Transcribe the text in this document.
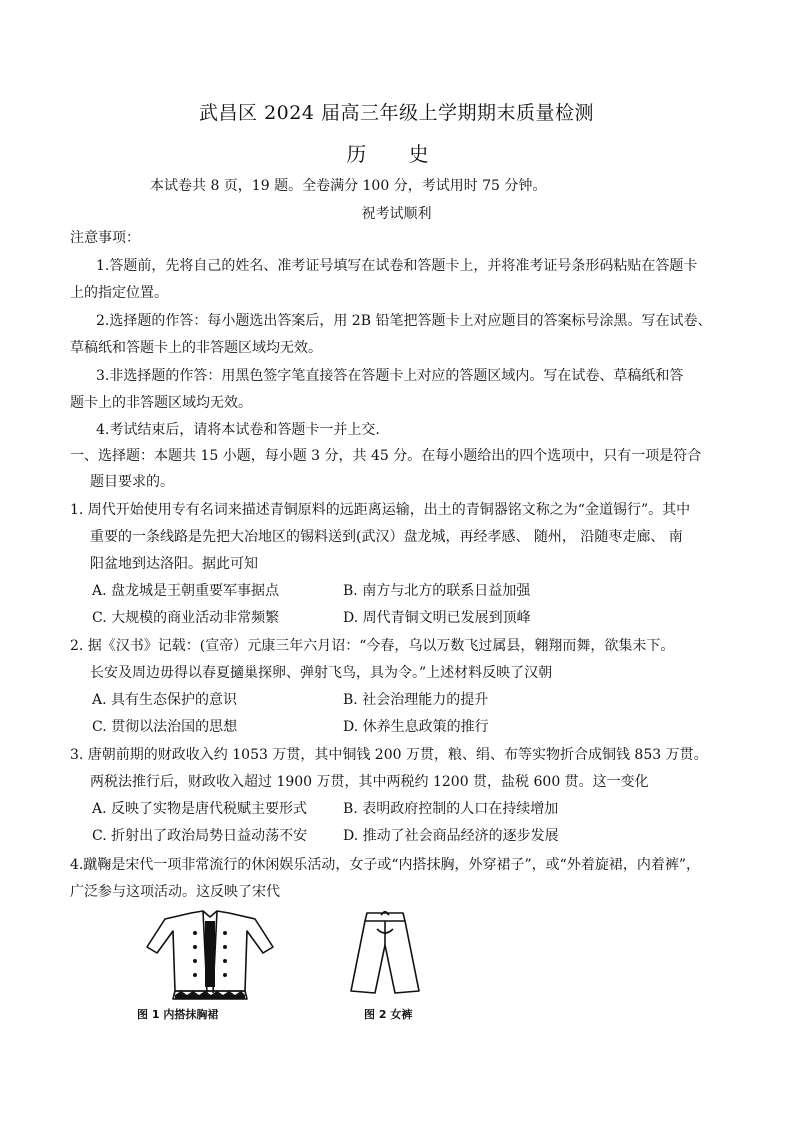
武昌区 2024 届高三年级上学期期末质量检测
历 史
本试卷共 8 页，19 题。全卷满分 100 分，考试用时 75 分钟。
祝考试顺利
注意事项：
1.答题前，先将自己的姓名、准考证号填写在试卷和答题卡上，并将准考证号条形码粘贴在答题卡
上的指定位置。
2.选择题的作答：每小题选出答案后，用 2B 铅笔把答题卡上对应题目的答案标号涂黑。写在试卷、
草稿纸和答题卡上的非答题区域均无效。
3.非选择题的作答：用黑色签字笔直接答在答题卡上对应的答题区域内。写在试卷、草稿纸和答
题卡上的非答题区域均无效。
4.考试结束后，请将本试卷和答题卡一并上交.
一、选择题：本题共 15 小题，每小题 3 分，共 45 分。在每小题给出的四个选项中，只有一项是符合
题目要求的。
1. 周代开始使用专有名词来描述青铜原料的远距离运输，出土的青铜器铭文称之为“金道锡行”。其中
重要的一条线路是先把大冶地区的锡料送到(武汉）盘龙城，再经孝感、 随州， 沿随枣走廊、 南
阳盆地到达洛阳。据此可知
A. 盘龙城是王朝重要军事据点	B. 南方与北方的联系日益加强
C. 大规模的商业活动非常频繁	D. 周代青铜文明已发展到顶峰
2. 据《汉书》记载：(宣帝）元康三年六月诏：“今春，乌以万数飞过属县，翱翔而舞，欲集未下。
长安及周边毋得以春夏擿巢探卵、弹射飞鸟，具为令。”上述材料反映了汉朝
A. 具有生态保护的意识	B. 社会治理能力的提升
C. 贯彻以法治国的思想	D. 休养生息政策的推行
3. 唐朝前期的财政收入约 1053 万贯，其中铜钱 200 万贯，粮、绢、布等实物折合成铜钱 853 万贯。
两税法推行后，财政收入超过 1900 万贯，其中两税约 1200 贯，盐税 600 贯。这一变化
A. 反映了实物是唐代税赋主要形式	B. 表明政府控制的人口在持续增加
C. 折射出了政治局势日益动荡不安	D. 推动了社会商品经济的逐步发展
4.蹴鞠是宋代一项非常流行的休闲娱乐活动，女子或“内搭抹胸，外穿裙子”，或“外着旋裙，内着裤”，
广泛参与这项活动。这反映了宋代
图 1 内搭抹胸裙	图 2 女裤
